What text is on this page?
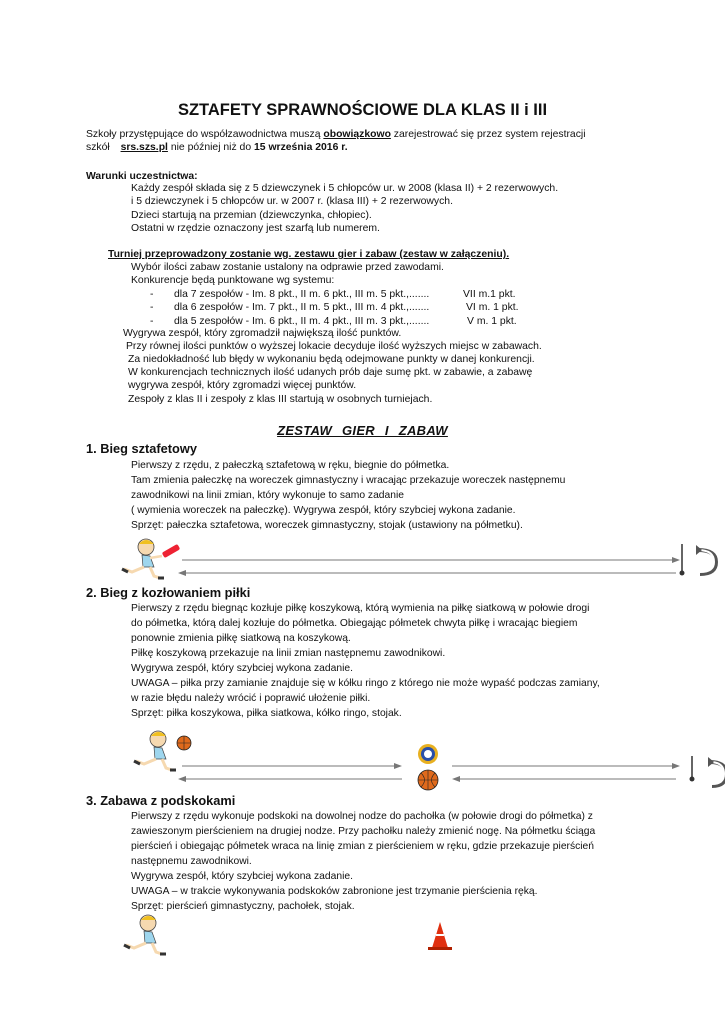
SZTAFETY SPRAWNOŚCIOWE DLA KLAS II i III
Szkoły przystępujące do współzawodnictwa muszą obowiązkowo zarejestrować się przez system rejestracji
szkół srs.szs.pl nie później niż do 15 września 2016 r.
Warunki uczestnictwa:
Każdy zespół składa się z 5 dziewczynek i 5 chłopców ur. w 2008 (klasa II) + 2 rezerwowych.
i 5 dziewczynek i 5 chłopców ur. w 2007 r. (klasa III) + 2 rezerwowych.
Dzieci startują na przemian (dziewczynka, chłopiec).
Ostatni w rzędzie oznaczony jest szarfą lub numerem.
Turniej przeprowadzony zostanie wg. zestawu gier i zabaw (zestaw w załączeniu).
Wybór ilości zabaw zostanie ustalony na odprawie przed zawodami.
Konkurencje będą punktowane wg systemu:
- dla 7 zespołów - Im. 8 pkt., II m. 6 pkt., III m. 5 pkt.,.......	VII m.1 pkt.
- dla 6 zespołów - Im. 7 pkt., II m. 5 pkt., III m. 4 pkt.,.......	VI m. 1 pkt.
- dla 5 zespołów - Im. 6 pkt., II m. 4 pkt., III m. 3 pkt.,.......	V m. 1 pkt.
Wygrywa zespół, który zgromadził największą ilość punktów.
Przy równej ilości punktów o wyższej lokacie decyduje ilość wyższych miejsc w zabawach.
Za niedokładność lub błędy w wykonaniu będą odejmowane punkty w danej konkurencji.
W konkurencjach technicznych ilość udanych prób daje sumę pkt. w zabawie, a zabawę
wygrywa zespół, który zgromadzi więcej punktów.
Zespoły z klas II i zespoły z klas III startują w osobnych turniejach.
ZESTAW GIER I ZABAW
1. Bieg sztafetowy
Pierwszy z rzędu, z pałeczką sztafetową w ręku, biegnie do półmetka.
Tam zmienia pałeczkę na woreczek gimnastyczny i wracając przekazuje woreczek następnemu
zawodnikowi na linii zmian, który wykonuje to samo zadanie
( wymienia woreczek na pałeczkę). Wygrywa zespół, który szybciej wykona zadanie.
Sprzęt: pałeczka sztafetowa, woreczek gimnastyczny, stojak (ustawiony na półmetku).
2. Bieg z kozłowaniem piłki
Pierwszy z rzędu biegnąc kozłuje piłkę koszykową, którą wymienia na piłkę siatkową w połowie drogi
do półmetka, którą dalej kozłuje do półmetka. Obiegając półmetek chwyta piłkę i wracając biegiem
ponownie zmienia piłkę siatkową na koszykową.
Piłkę koszykową przekazuje na linii zmian następnemu zawodnikowi.
Wygrywa zespół, który szybciej wykona zadanie.
UWAGA – piłka przy zamianie znajduje się w kółku ringo z którego nie może wypaść podczas zamiany,
w razie błędu należy wrócić i poprawić ułożenie piłki.
Sprzęt: piłka koszykowa, piłka siatkowa, kółko ringo, stojak.
3. Zabawa z podskokami
Pierwszy z rzędu wykonuje podskoki na dowolnej nodze do pachołka (w połowie drogi do półmetka) z
zawieszonym pierścieniem na drugiej nodze. Przy pachołku należy zmienić nogę. Na półmetku ściąga
pierścień i obiegając półmetek wraca na linię zmian z pierścieniem w ręku, gdzie przekazuje pierścień
następnemu zawodnikowi.
Wygrywa zespół, który szybciej wykona zadanie.
UWAGA – w trakcie wykonywania podskoków zabronione jest trzymanie pierścienia ręką.
Sprzęt: pierścień gimnastyczny, pachołek, stojak.
